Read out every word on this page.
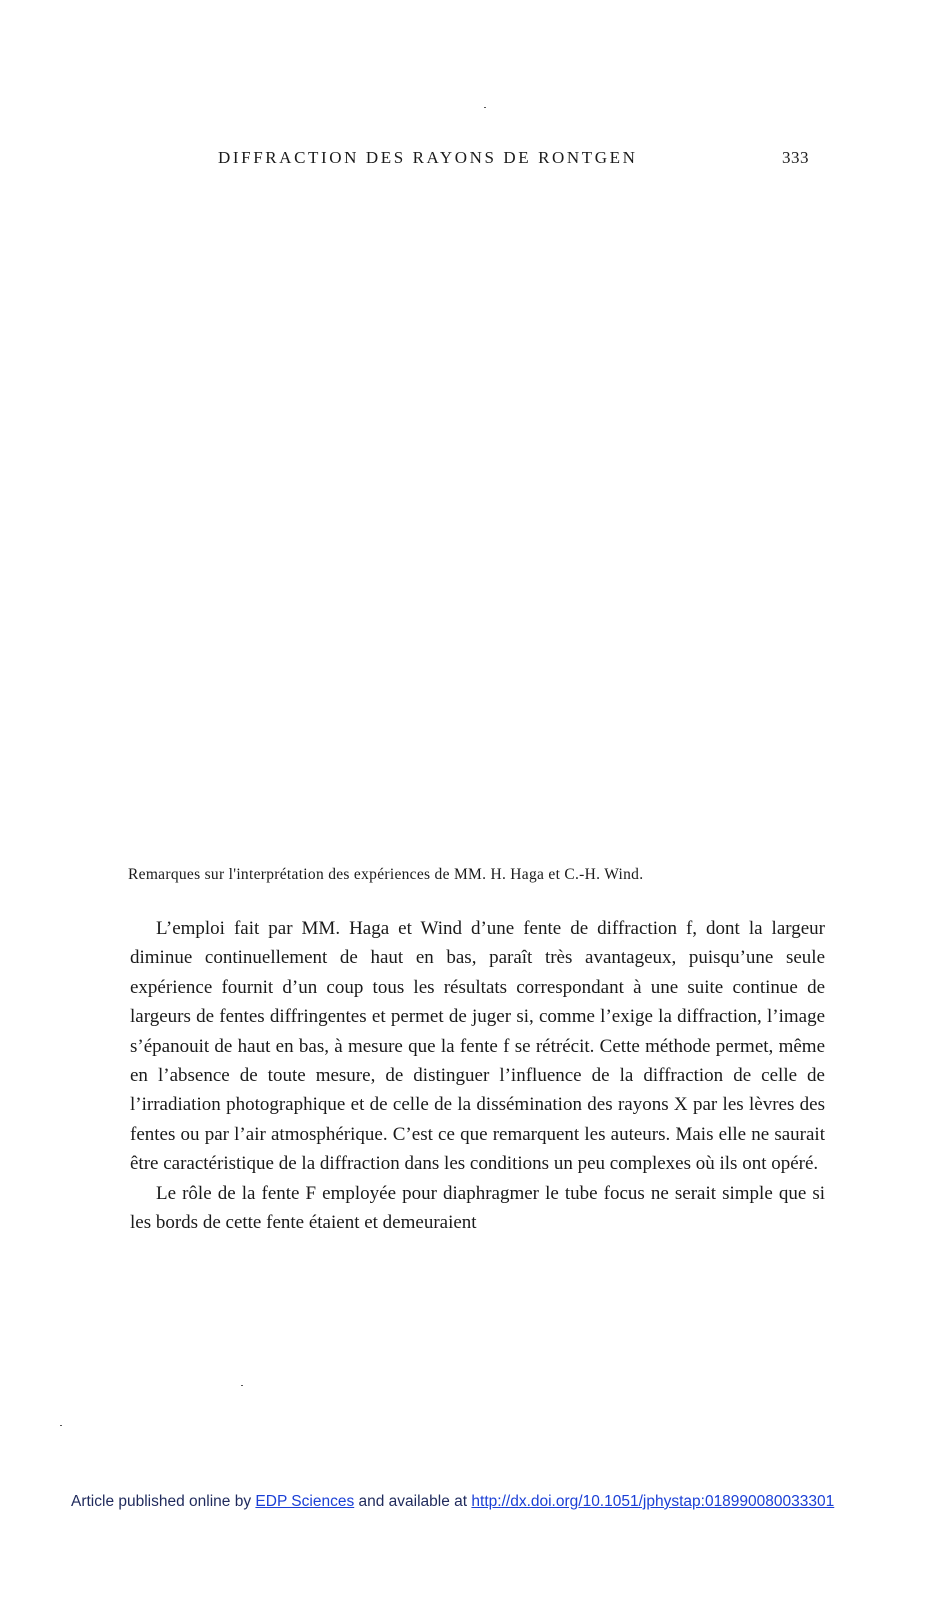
DIFFRACTION DES RAYONS DE RONTGEN	333
Remarques sur l'interprétation des expériences de MM. H. Haga et C.-H. Wind.

L’emploi fait par MM. Haga et Wind d’une fente de diffraction f, dont la largeur diminue continuellement de haut en bas, paraît très avantageux, puisqu’une seule expérience fournit d’un coup tous les résultats correspondant à une suite continue de largeurs de fentes diffringentes et permet de juger si, comme l’exige la diffraction, l’image s’épanouit de haut en bas, à mesure que la fente f se rétrécit. Cette méthode permet, même en l’absence de toute mesure, de distinguer l’influence de la diffraction de celle de l’irradiation photographique et de celle de la dissémination des rayons X par les lèvres des fentes ou par l’air atmosphérique. C’est ce que remarquent les auteurs. Mais elle ne saurait être caractéristique de la diffraction dans les conditions un peu complexes où ils ont opéré.

Le rôle de la fente F employée pour diaphragmer le tube focus ne serait simple que si les bords de cette fente étaient et demeuraient

Article published online by EDP Sciences and available at http://dx.doi.org/10.1051/jphystap:018990080033301
